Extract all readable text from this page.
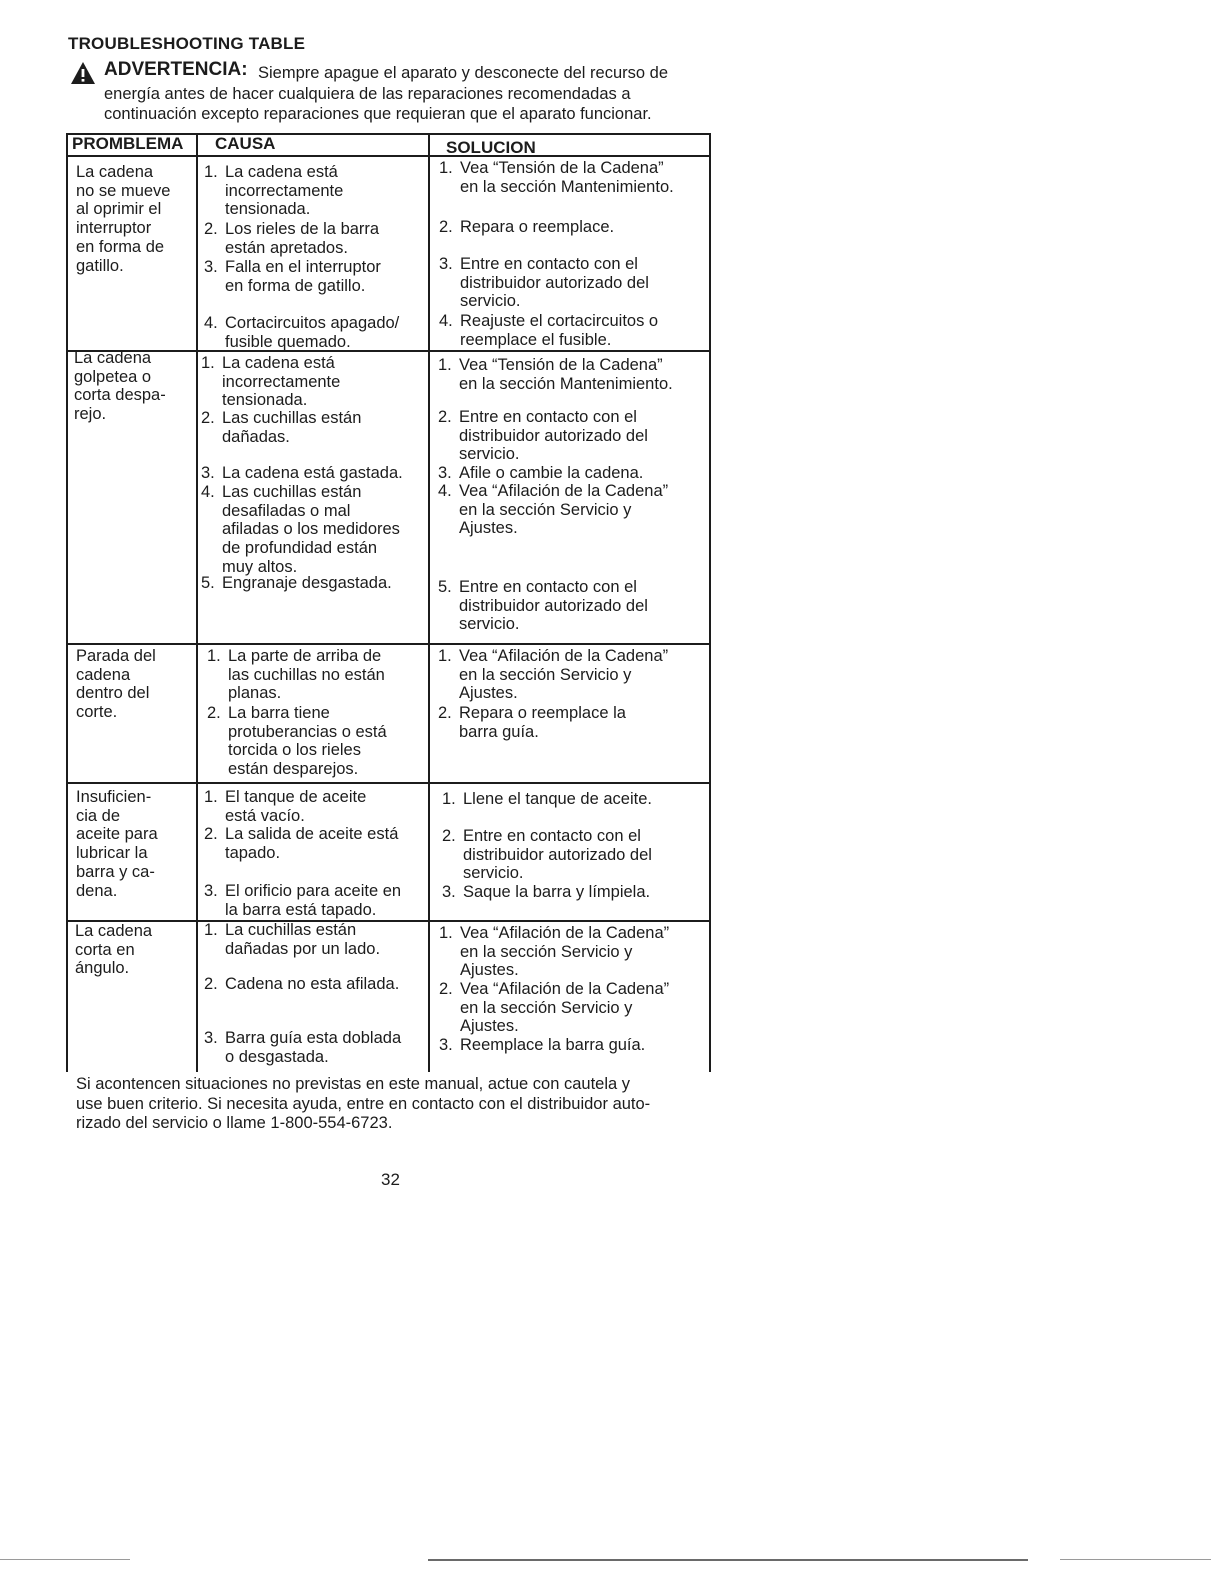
TROUBLESHOOTING TABLE
ADVERTENCIA: Siempre apague el aparato y desconecte del recurso de
energía antes de hacer cualquiera de las reparaciones recomendadas a
continuación excepto reparaciones que requieran que el aparato funcionar.
PROMBLEMA CAUSA	SOLUCION
La cadena
no se mueve
al oprimir el
interruptor
en forma de
gatillo.
1. La cadena está
incorrectamente
tensionada.
2. Los rieles de la barra
están apretados.
3. Falla en el interruptor
en forma de gatillo.
4. Cortacircuitos apagado/
fusible quemado.
1. Vea “Tensión de la Cadena”
en la sección Mantenimiento.
2. Repara o reemplace.
3. Entre en contacto con el
distribuidor autorizado del
servicio.
4. Reajuste el cortacircuitos o
reemplace el fusible.
La cadena
golpetea o
corta despa-
rejo.
1. La cadena está
incorrectamente
tensionada.
2. Las cuchillas están
dañadas.
3. La cadena está gastada.
4. Las cuchillas están
desafiladas o mal
afiladas o los medidores
de profundidad están
muy altos.
5. Engranaje desgastada.
1. Vea “Tensión de la Cadena”
en la sección Mantenimiento.
2. Entre en contacto con el
distribuidor autorizado del
servicio.
3. Afile o cambie la cadena.
4. Vea “Afilación de la Cadena”
en la sección Servicio y
Ajustes.
5. Entre en contacto con el
distribuidor autorizado del
servicio.
Parada del
cadena
dentro del
corte.
1. La parte de arriba de
las cuchillas no están
planas.
2. La barra tiene
protuberancias o está
torcida o los rieles
están desparejos.
1. Vea “Afilación de la Cadena”
en la sección Servicio y
Ajustes.
2. Repara o reemplace la
barra guía.
Insuficien-
cia de
aceite para
lubricar la
barra y ca-
dena.
1. El tanque de aceite
está vacío.
2. La salida de aceite está
tapado.
3. El orificio para aceite en
la barra está tapado.
1. Llene el tanque de aceite.
2. Entre en contacto con el
distribuidor autorizado del
servicio.
3. Saque la barra y límpiela.
La cadena
corta en
ángulo.
1. La cuchillas están
dañadas por un lado.
2. Cadena no esta afilada.
3. Barra guía esta doblada
o desgastada.
1. Vea “Afilación de la Cadena”
en la sección Servicio y
Ajustes.
2. Vea “Afilación de la Cadena”
en la sección Servicio y
Ajustes.
3. Reemplace la barra guía.
Si acontencen situaciones no previstas en este manual, actue con cautela y
use buen criterio. Si necesita ayuda, entre en contacto con el distribuidor auto-
rizado del servicio o llame 1-800-554-6723.
32
